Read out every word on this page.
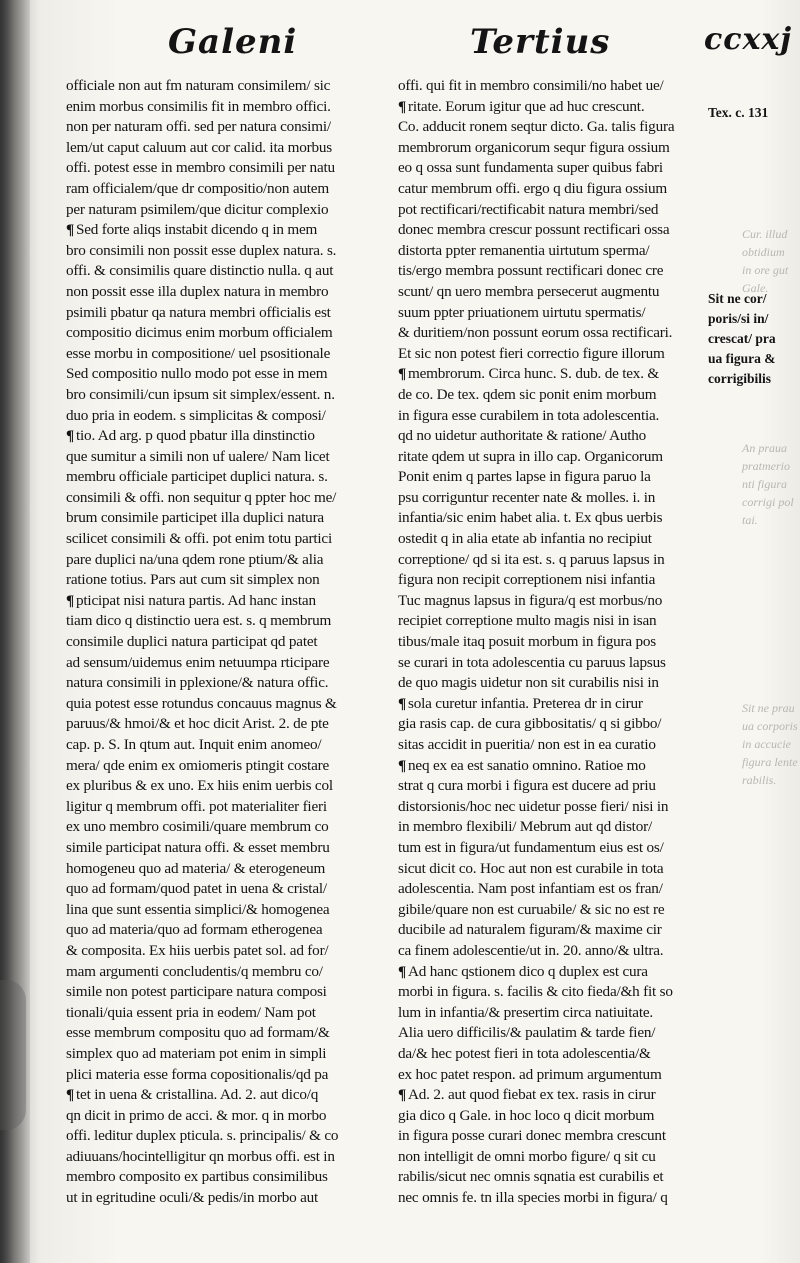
Galeni	Tertius	ccxxj
officiale non aut fm naturam consimilem/ sic
enim morbus consimilis fit in membro offici.
non per naturam offi. sed per natura consimi/
lem/ut caput caluum aut cor calid. ita morbus
offi. potest esse in membro consimili per natu
ram officialem/que dr compositio/non autem
per naturam psimilem/que dicitur complexio
¶ Sed forte aliqs instabit dicendo q in mem
bro consimili non possit esse duplex natura. s.
offi. & consimilis quare distinctio nulla. q aut
non possit esse illa duplex natura in membro
psimili pbatur qa natura membri officialis est
compositio dicimus enim morbum officialem
esse morbu in compositione/ uel psositionale
Sed compositio nullo modo pot esse in mem
bro consimili/cun ipsum sit simplex/essent. n.
duo pria in eodem. s simplicitas & composi/
¶ tio. Ad arg. p quod pbatur illa dinstinctio
que sumitur a simili non uf ualere/ Nam licet
membru officiale participet duplici natura. s.
consimili & offi. non sequitur q ppter hoc me/
brum consimile participet illa duplici natura
scilicet consimili & offi. pot enim totu partici
pare duplici na/una qdem rone ptium/& alia
ratione totius. Pars aut cum sit simplex non
¶ pticipat nisi natura partis. Ad hanc instan
tiam dico q distinctio uera est. s. q membrum
consimile duplici natura participat qd patet
ad sensum/uidemus enim netuumpa rticipare
natura consimili in pplexione/& natura offic.
quia potest esse rotundus concauus magnus &
paruus/& hmoi/& et hoc dicit Arist. 2. de pte
cap. p. S. In qtum aut. Inquit enim anomeo/
mera/ qde enim ex omiomeris ptingit costare
ex pluribus & ex uno. Ex hiis enim uerbis col
ligitur q membrum offi. pot materialiter fieri
ex uno membro cosimili/quare membrum co
simile participat natura offi. & esset membru
homogeneu quo ad materia/ & eterogeneum
quo ad formam/quod patet in uena & cristal/
lina que sunt essentia simplici/& homogenea
quo ad materia/quo ad formam etherogenea
& composita. Ex hiis uerbis patet sol. ad for/
mam argumenti concludentis/q membru co/
simile non potest participare natura composi
tionali/quia essent pria in eodem/ Nam pot
esse membrum compositu quo ad formam/&
simplex quo ad materiam pot enim in simpli
plici materia esse forma copositionalis/qd pa
¶ tet in uena & cristallina. Ad. 2. aut dico/q
qn dicit in primo de acci. & mor. q in morbo
offi. leditur duplex pticula. s. principalis/ & co
adiuuans/hocintelligitur qn morbus offi. est in
membro composito ex partibus consimilibus
ut in egritudine oculi/& pedis/in morbo aut
offi. qui fit in membro consimili/no habet ue/
¶ ritate. Eorum igitur que ad huc crescunt.
Co. adducit ronem seqtur dicto. Ga. talis figura
membrorum organicorum sequr figura ossium
eo q ossa sunt fundamenta super quibus fabri
catur membrum offi. ergo q diu figura ossium
pot rectificari/rectificabit natura membri/sed
donec membra crescur possunt rectificari ossa
distorta ppter remanentia uirtutum sperma/
tis/ergo membra possunt rectificari donec cre
scunt/ qn uero membra persecerut augmentu
suum ppter priuationem uirtutu spermatis/
& duritiem/non possunt eorum ossa rectificari.
Et sic non potest fieri correctio figure illorum
¶ membrorum. Circa hunc. S. dub. de tex. &
de co. De tex. qdem sic ponit enim morbum
in figura esse curabilem in tota adolescentia.
qd no uidetur authoritate & ratione/ Autho
ritate qdem ut supra in illo cap. Organicorum
Ponit enim q partes lapse in figura paruo la
psu corriguntur recenter nate & molles. i. in
infantia/sic enim habet alia. t. Ex qbus uerbis
ostedit q in alia etate ab infantia no recipiut
correptione/ qd si ita est. s. q paruus lapsus in
figura non recipit correptionem nisi infantia
Tuc magnus lapsus in figura/q est morbus/no
recipiet correptione multo magis nisi in isan
tibus/male itaq posuit morbum in figura pos
se curari in tota adolescentia cu paruus lapsus
de quo magis uidetur non sit curabilis nisi in
¶ sola curetur infantia. Preterea dr in cirur
gia rasis cap. de cura gibbositatis/ q si gibbo/
sitas accidit in pueritia/ non est in ea curatio
¶ neq ex ea est sanatio omnino. Ratioe mo
strat q cura morbi i figura est ducere ad priu
distorsionis/hoc nec uidetur posse fieri/ nisi in
in membro flexibili/ Mebrum aut qd distor/
tum est in figura/ut fundamentum eius est os/
sicut dicit co. Hoc aut non est curabile in tota
adolescentia. Nam post infantiam est os fran/
gibile/quare non est curuabile/ & sic no est re
ducibile ad naturalem figuram/& maxime cir
ca finem adolescentie/ut in. 20. anno/& ultra.
¶ Ad hanc qstionem dico q duplex est cura
morbi in figura. s. facilis & cito fieda/&h fit so
lum in infantia/& presertim circa natiuitate.
Alia uero difficilis/& paulatim & tarde fien/
da/& hec potest fieri in tota adolescentia/&
ex hoc patet respon. ad primum argumentum
¶ Ad. 2. aut quod fiebat ex tex. rasis in cirur
gia dico q Gale. in hoc loco q dicit morbum
in figura posse curari donec membra crescunt
non intelligit de omni morbo figure/ q sit cu
rabilis/sicut nec omnis sqnatia est curabilis et
nec omnis fe. tn illa species morbi in figura/ q
Tex. c. 131
Sit ne cor/
poris/si in/
crescat/ pra
ua figura &
corrigibilis
Cur. illud
obtidium
in ore gut
Gale.
An praua
pratmerio
nti figura
corrigi pol
tai.
Sit ne prau
ua corporis
in accucie
figura lente
rabilis.
